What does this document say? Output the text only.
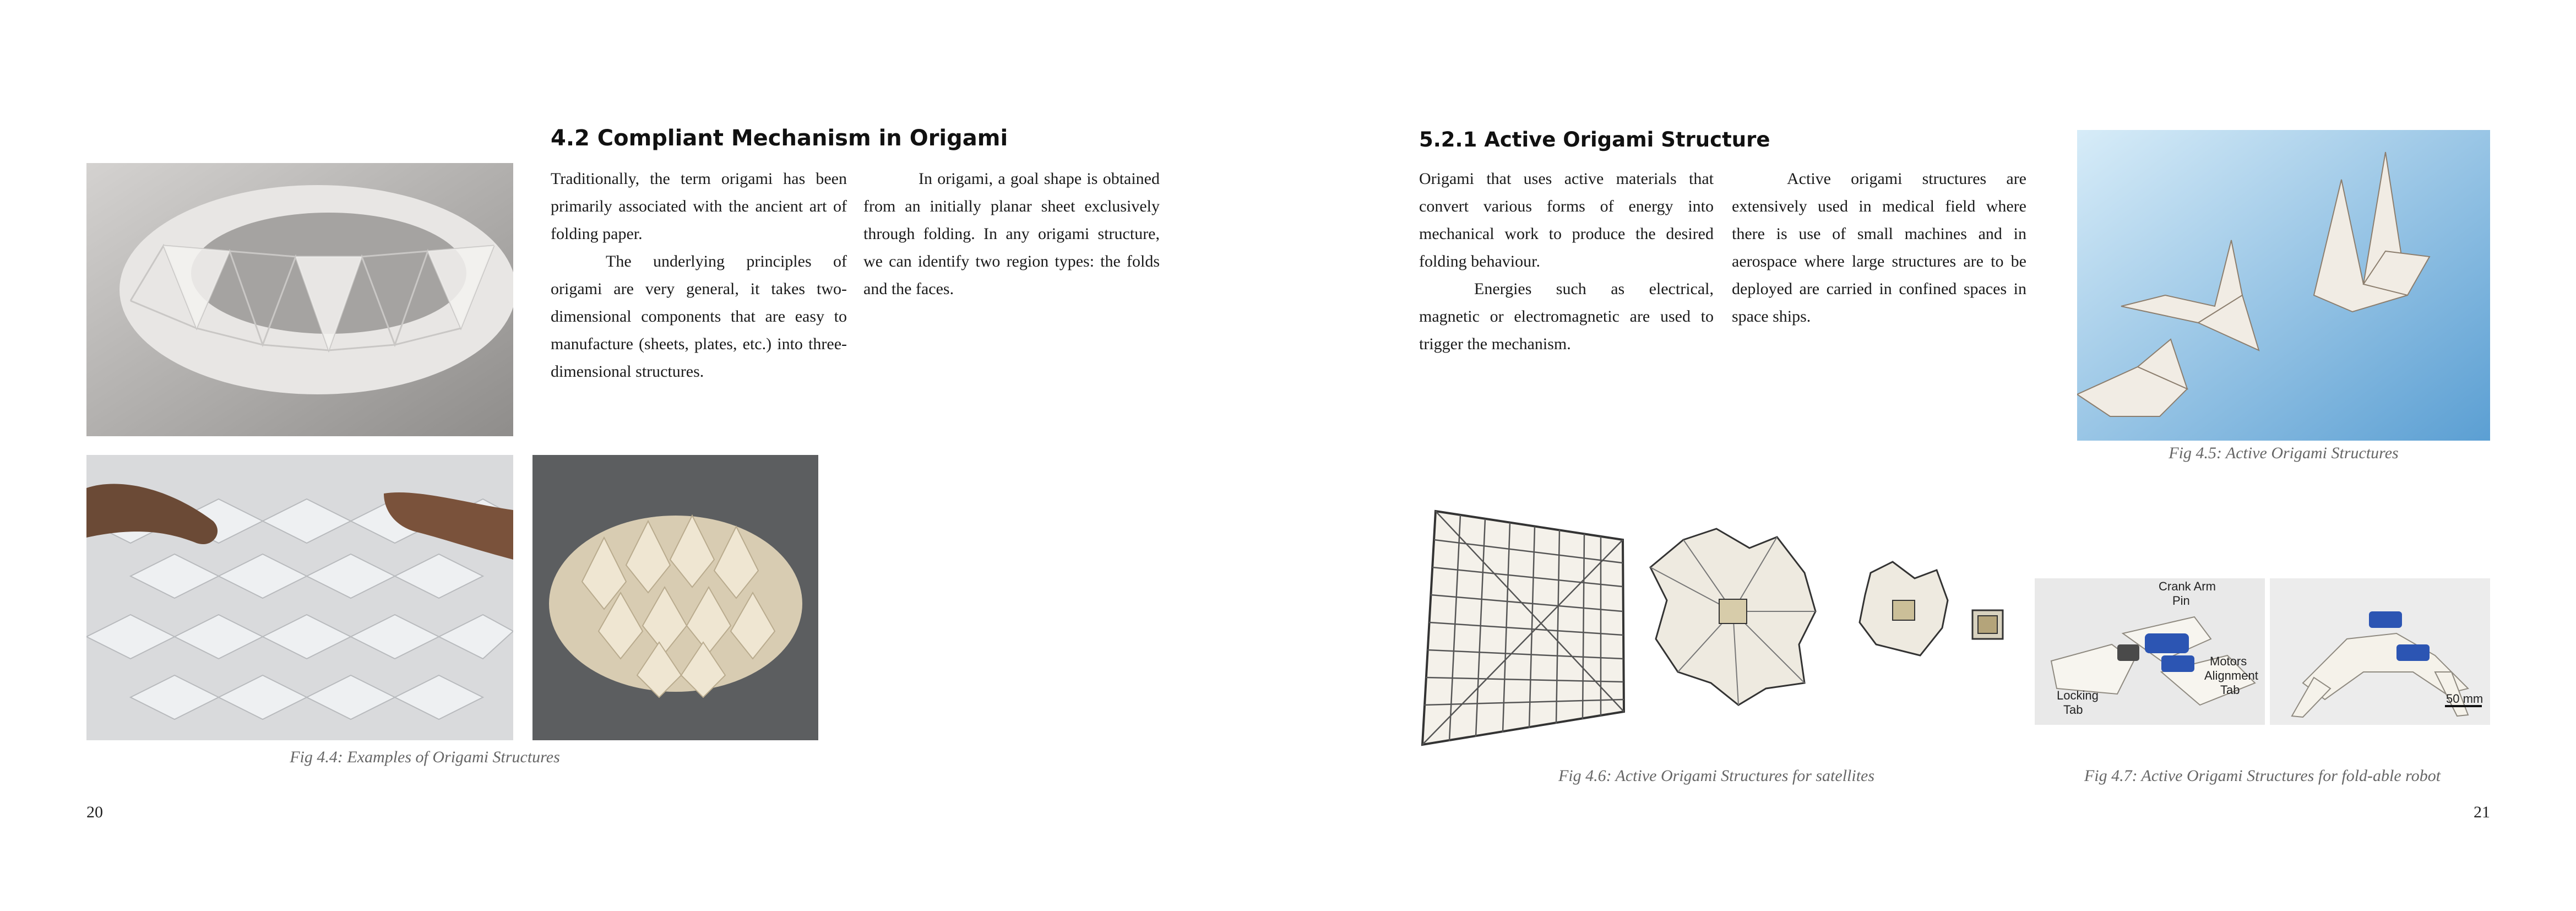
Fig 4.4: Examples of Origami Structures
4.2 Compliant Mechanism in Origami

Traditionally, the term origami has been primarily associated with the ancient art of folding paper.

The underlying principles of origami are very general, it takes two-dimensional components that are easy to manufacture (sheets, plates, etc.) into three-dimensional structures.

In origami, a goal shape is obtained from an initially planar sheet exclusively through folding. In any origami structure, we can identify two region types: the folds and the faces.

20
5.2.1 Active Origami Structure

Origami that uses active materials that convert various forms of energy into mechanical work to produce the desired folding behaviour.

Energies such as electrical, magnetic or electromagnetic are used to trigger the mechanism.

Active origami structures are extensively used in medical field where there is use of small machines and in aerospace where large structures are to be deployed are carried in confined spaces in space ships.

Fig 4.5: Active Origami Structures
Fig 4.6: Active Origami Structures for satellites
Crank Arm
Pin
Motors
Alignment
Tab
Locking
Tab
50 mm
Fig 4.7: Active Origami Structures for fold-able robot
21
